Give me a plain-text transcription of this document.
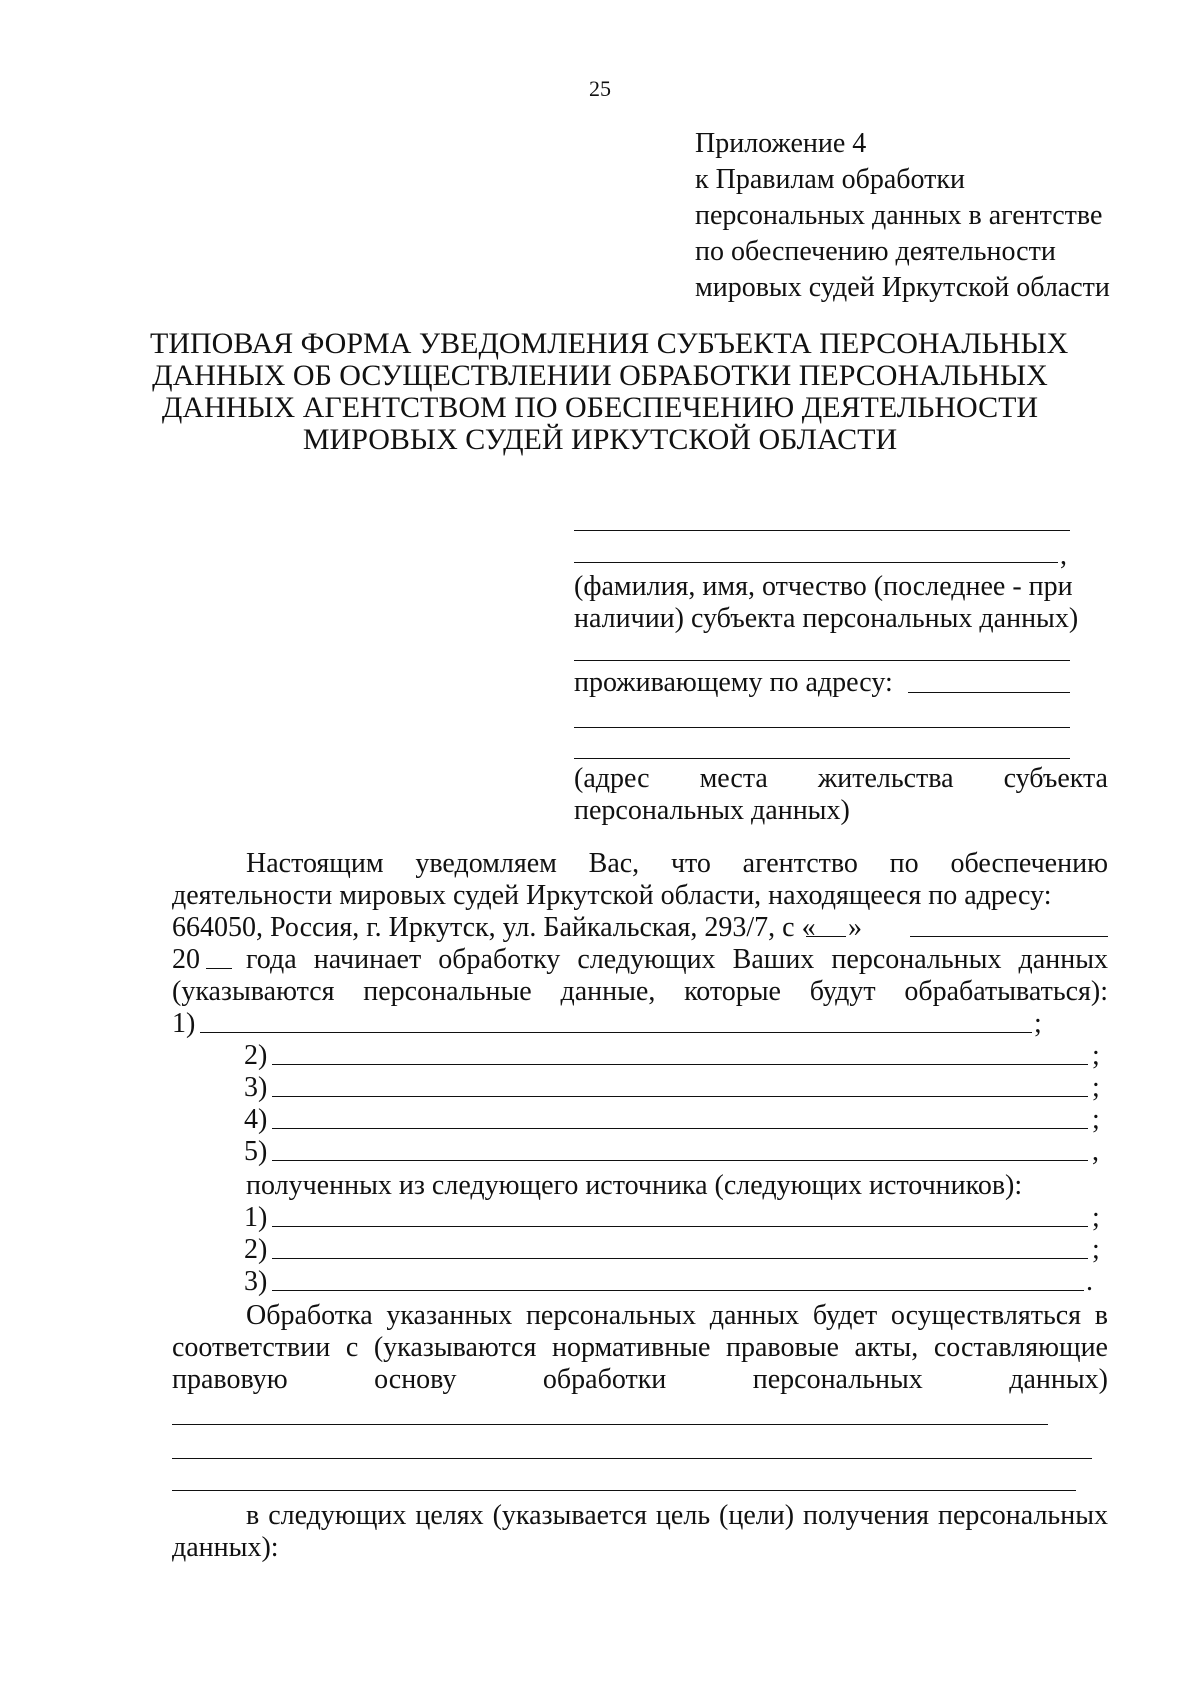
25
Приложение 4
к Правилам обработки
персональных данных в агентстве
по обеспечению деятельности
мировых судей Иркутской области
ТИПОВАЯ ФОРМА УВЕДОМЛЕНИЯ СУБЪЕКТА ПЕРСОНАЛЬНЫХ
ДАННЫХ ОБ ОСУЩЕСТВЛЕНИИ ОБРАБОТКИ ПЕРСОНАЛЬНЫХ
ДАННЫХ АГЕНТСТВОМ ПО ОБЕСПЕЧЕНИЮ ДЕЯТЕЛЬНОСТИ
МИРОВЫХ СУДЕЙ ИРКУТСКОЙ ОБЛАСТИ
,
(фамилия, имя, отчество (последнее - при
наличии) субъекта персональных данных)
проживающему по адресу:
(адрес места жительства субъекта
персональных данных)
Настоящим уведомляем Вас, что агентство по обеспечению
деятельности мировых судей Иркутской области, находящееся по адресу:
664050, Россия, г. Иркутск, ул. Байкальская, 293/7, с « »
20 года начинает обработку следующих Ваших персональных данных
(указываются персональные данные, которые будут обрабатываться):
1)	;
2)	;
3)	;
4)	;
5)	,
полученных из следующего источника (следующих источников):
1)	;
2)	;
3)	.
Обработка указанных персональных данных будет осуществляться в
соответствии с (указываются нормативные правовые акты, составляющие
правовую основу обработки персональных данных)
в следующих целях (указывается цель (цели) получения персональных
данных):
